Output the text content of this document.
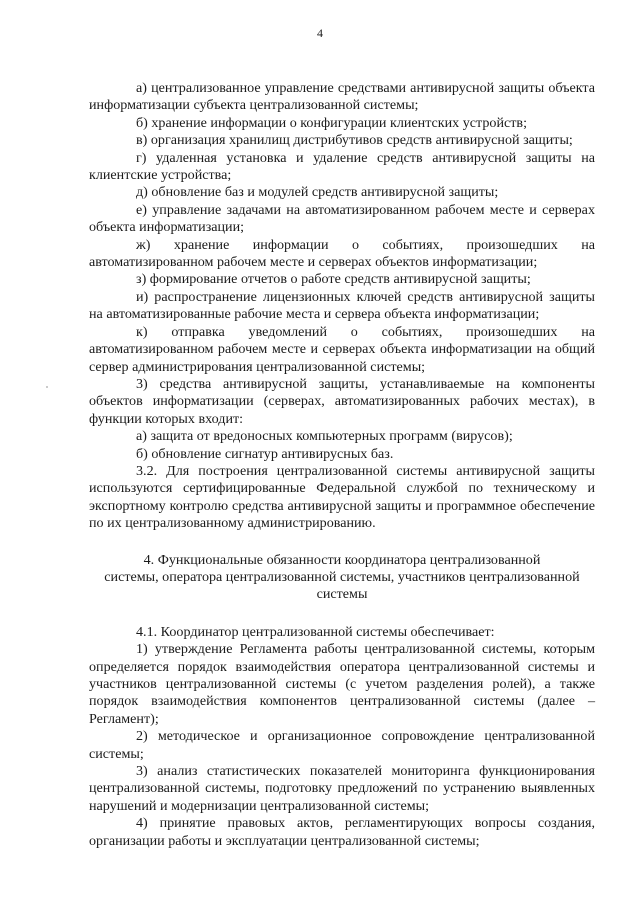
4

а) централизованное управление средствами антивирусной защиты объекта информатизации субъекта централизованной системы;

б) хранение информации о конфигурации клиентских устройств;

в) организация хранилищ дистрибутивов средств антивирусной защиты;

г) удаленная установка и удаление средств антивирусной защиты на клиентские устройства;

д) обновление баз и модулей средств антивирусной защиты;

е) управление задачами на автоматизированном рабочем месте и серверах объекта информатизации;

ж) хранение информации о событиях, произошедших на автоматизированном рабочем месте и серверах объектов информатизации;

з) формирование отчетов о работе средств антивирусной защиты;

и) распространение лицензионных ключей средств антивирусной защиты на автоматизированные рабочие места и сервера объекта информатизации;

к) отправка уведомлений о событиях, произошедших на автоматизированном рабочем месте и серверах объекта информатизации на общий сервер администрирования централизованной системы;

3) средства антивирусной защиты, устанавливаемые на компоненты объектов информатизации (серверах, автоматизированных рабочих местах), в функции которых входит:

а) защита от вредоносных компьютерных программ (вирусов);

б) обновление сигнатур антивирусных баз.

3.2. Для построения централизованной системы антивирусной защиты используются сертифицированные Федеральной службой по техническому и экспортному контролю средства антивирусной защиты и программное обеспечение по их централизованному администрированию.

4. Функциональные обязанности координатора централизованной
системы, оператора централизованной системы, участников централизованной
системы

4.1. Координатор централизованной системы обеспечивает:

1) утверждение Регламента работы централизованной системы, которым определяется порядок взаимодействия оператора централизованной системы и участников централизованной системы (с учетом разделения ролей), а также порядок взаимодействия компонентов централизованной системы (далее – Регламент);

2) методическое и организационное сопровождение централизованной системы;

3) анализ статистических показателей мониторинга функционирования централизованной системы, подготовку предложений по устранению выявленных нарушений и модернизации централизованной системы;

4) принятие правовых актов, регламентирующих вопросы создания, организации работы и эксплуатации централизованной системы;
